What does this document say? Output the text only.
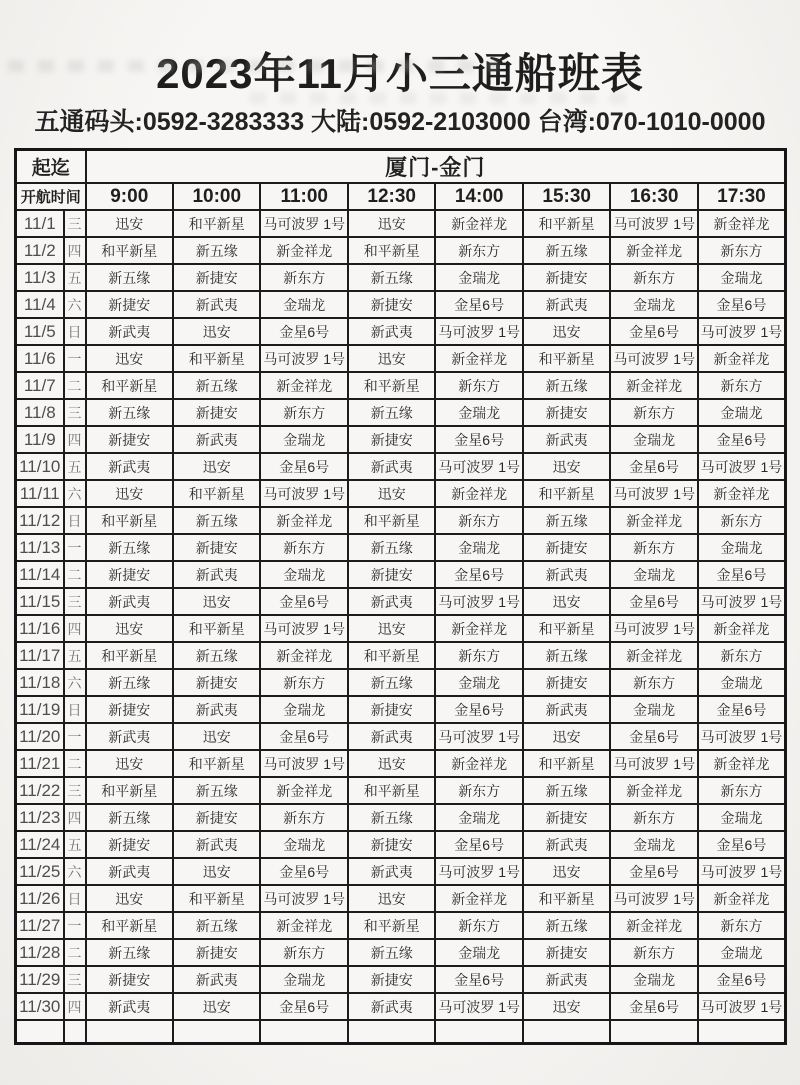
2023年11月小三通船班表
五通码头:0592-3283333 大陆:0592-2103000 台湾:070-1010-0000
起迄		厦门-金门							
开航时间		9:00	10:00	11:00	12:30	14:00	15:30	16:30	17:30
11/1	三	迅安	和平新星	马可波罗 1号	迅安	新金祥龙	和平新星	马可波罗 1号	新金祥龙
11/2	四	和平新星	新五缘	新金祥龙	和平新星	新东方	新五缘	新金祥龙	新东方
11/3	五	新五缘	新捷安	新东方	新五缘	金瑞龙	新捷安	新东方	金瑞龙
11/4	六	新捷安	新武夷	金瑞龙	新捷安	金星6号	新武夷	金瑞龙	金星6号
11/5	日	新武夷	迅安	金星6号	新武夷	马可波罗 1号	迅安	金星6号	马可波罗 1号
11/6	一	迅安	和平新星	马可波罗 1号	迅安	新金祥龙	和平新星	马可波罗 1号	新金祥龙
11/7	二	和平新星	新五缘	新金祥龙	和平新星	新东方	新五缘	新金祥龙	新东方
11/8	三	新五缘	新捷安	新东方	新五缘	金瑞龙	新捷安	新东方	金瑞龙
11/9	四	新捷安	新武夷	金瑞龙	新捷安	金星6号	新武夷	金瑞龙	金星6号
11/10	五	新武夷	迅安	金星6号	新武夷	马可波罗 1号	迅安	金星6号	马可波罗 1号
11/11	六	迅安	和平新星	马可波罗 1号	迅安	新金祥龙	和平新星	马可波罗 1号	新金祥龙
11/12	日	和平新星	新五缘	新金祥龙	和平新星	新东方	新五缘	新金祥龙	新东方
11/13	一	新五缘	新捷安	新东方	新五缘	金瑞龙	新捷安	新东方	金瑞龙
11/14	二	新捷安	新武夷	金瑞龙	新捷安	金星6号	新武夷	金瑞龙	金星6号
11/15	三	新武夷	迅安	金星6号	新武夷	马可波罗 1号	迅安	金星6号	马可波罗 1号
11/16	四	迅安	和平新星	马可波罗 1号	迅安	新金祥龙	和平新星	马可波罗 1号	新金祥龙
11/17	五	和平新星	新五缘	新金祥龙	和平新星	新东方	新五缘	新金祥龙	新东方
11/18	六	新五缘	新捷安	新东方	新五缘	金瑞龙	新捷安	新东方	金瑞龙
11/19	日	新捷安	新武夷	金瑞龙	新捷安	金星6号	新武夷	金瑞龙	金星6号
11/20	一	新武夷	迅安	金星6号	新武夷	马可波罗 1号	迅安	金星6号	马可波罗 1号
11/21	二	迅安	和平新星	马可波罗 1号	迅安	新金祥龙	和平新星	马可波罗 1号	新金祥龙
11/22	三	和平新星	新五缘	新金祥龙	和平新星	新东方	新五缘	新金祥龙	新东方
11/23	四	新五缘	新捷安	新东方	新五缘	金瑞龙	新捷安	新东方	金瑞龙
11/24	五	新捷安	新武夷	金瑞龙	新捷安	金星6号	新武夷	金瑞龙	金星6号
11/25	六	新武夷	迅安	金星6号	新武夷	马可波罗 1号	迅安	金星6号	马可波罗 1号
11/26	日	迅安	和平新星	马可波罗 1号	迅安	新金祥龙	和平新星	马可波罗 1号	新金祥龙
11/27	一	和平新星	新五缘	新金祥龙	和平新星	新东方	新五缘	新金祥龙	新东方
11/28	二	新五缘	新捷安	新东方	新五缘	金瑞龙	新捷安	新东方	金瑞龙
11/29	三	新捷安	新武夷	金瑞龙	新捷安	金星6号	新武夷	金瑞龙	金星6号
11/30	四	新武夷	迅安	金星6号	新武夷	马可波罗 1号	迅安	金星6号	马可波罗 1号
